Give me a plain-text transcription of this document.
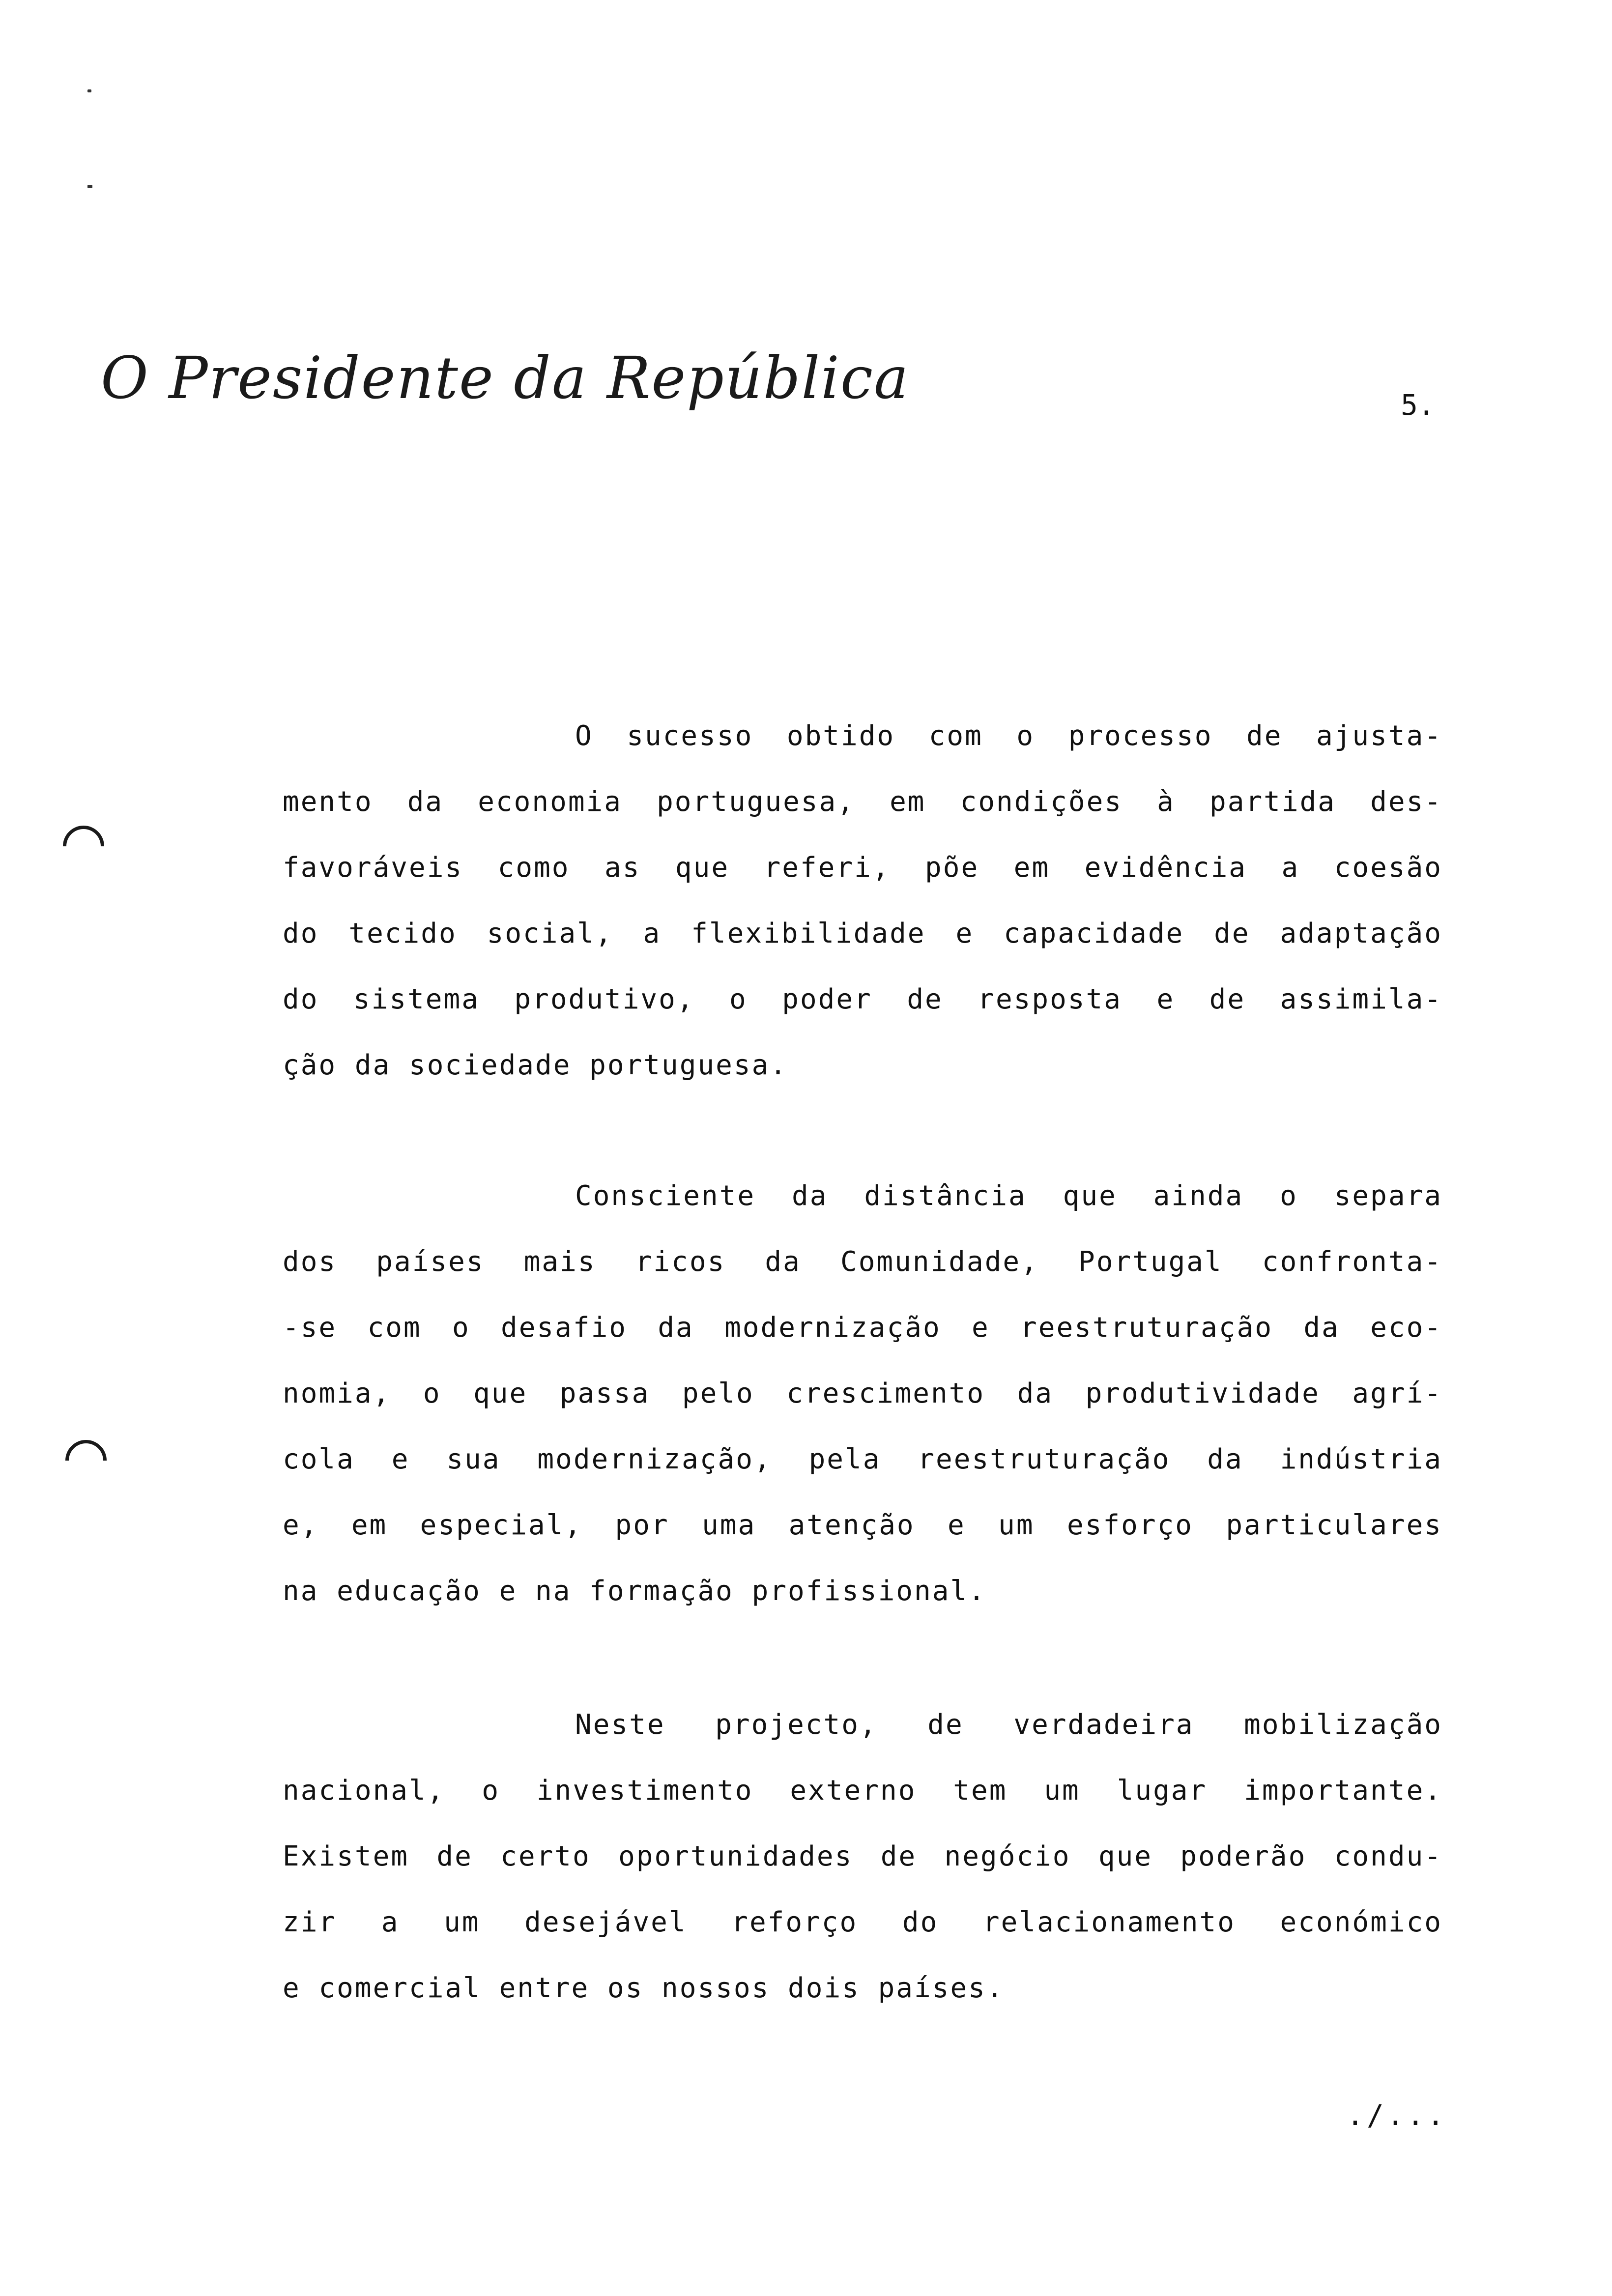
O Presidente da República	5.
O sucesso obtido com o processo de ajusta-
mento da economia portuguesa, em condições à partida des-
favoráveis como as que referi, põe em evidência a coesão
do tecido social, a flexibilidade e capacidade de adaptação
do sistema produtivo, o poder de resposta e de assimila-
ção da sociedade portuguesa.
Consciente da distância que ainda o separa
dos países mais ricos da Comunidade, Portugal confronta-
-se com o desafio da modernização e reestruturação da eco-
nomia, o que passa pelo crescimento da produtividade agrí-
cola e sua modernização, pela reestruturação da indústria
e, em especial, por uma atenção e um esforço particulares
na educação e na formação profissional.
Neste projecto, de verdadeira mobilização
nacional, o investimento externo tem um lugar importante.
Existem de certo oportunidades de negócio que poderão condu-
zir a um desejável reforço do relacionamento económico
e comercial entre os nossos dois países.
./...
